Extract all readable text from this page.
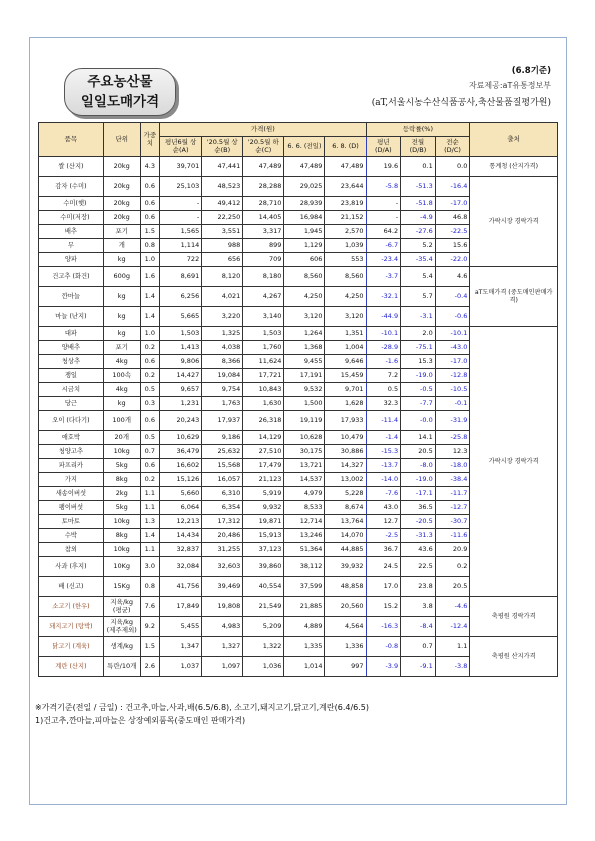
주요농산물
일일도매가격
(6.8기준)
자료제공:aT유통정보부
(aT,서울시농수산식품공사,축산물품질평가원)
품목	단위	가중치	가격(원)					등락률(%)			출처
			평년6월 상순(A)	'20.5월 상순(B)	'20.5월 하순(C)	6. 6. (전일)	6. 8. (D)	평년 (D/A)	전월 (D/B)	전순 (D/C)	
쌀 (산지)	20kg	4.3	39,701	47,441	47,489	47,489	47,489	19.6	0.1	0.0	통계청 (산지가격)
감자 (수미)	20kg	0.6	25,103	48,523	28,288	29,025	23,644	-5.8	-51.3	-16.4	가락시장 경락가격
수미(햇)	20kg	0.6	-	49,412	28,710	28,939	23,819	-	-51.8	-17.0	
수미(저장)	20kg	0.6	-	22,250	14,405	16,984	21,152	-	-4.9	46.8	
배추	포기	1.5	1,565	3,551	3,317	1,945	2,570	64.2	-27.6	-22.5	
무	개	0.8	1,114	988	899	1,129	1,039	-6.7	5.2	15.6	
양파	kg	1.0	722	656	709	606	553	-23.4	-35.4	-22.0	
건고추 (화건)	600g	1.6	8,691	8,120	8,180	8,560	8,560	-3.7	5.4	4.6	aT도매가격 (중도매인판매가격)
깐마늘	kg	1.4	6,256	4,021	4,267	4,250	4,250	-32.1	5.7	-0.4	
마늘 (난지)	kg	1.4	5,665	3,220	3,140	3,120	3,120	-44.9	-3.1	-0.6	
대파	kg	1.0	1,503	1,325	1,503	1,264	1,351	-10.1	2.0	-10.1	가락시장 경락가격
양배추	포기	0.2	1,413	4,038	1,760	1,368	1,004	-28.9	-75.1	-43.0	
청상추	4kg	0.6	9,806	8,366	11,624	9,455	9,646	-1.6	15.3	-17.0	
쟁일	100속	0.2	14,427	19,084	17,721	17,191	15,459	7.2	-19.0	-12.8	
시금치	4kg	0.5	9,657	9,754	10,843	9,532	9,701	0.5	-0.5	-10.5	
당근	kg	0.3	1,231	1,763	1,630	1,500	1,628	32.3	-7.7	-0.1	
오이 (다다기)	100개	0.6	20,243	17,937	26,318	19,119	17,933	-11.4	-0.0	-31.9	
애호박	20개	0.5	10,629	9,186	14,129	10,628	10,479	-1.4	14.1	-25.8	
청양고추	10kg	0.7	36,479	25,632	27,510	30,175	30,886	-15.3	20.5	12.3	
파프리카	5kg	0.6	16,602	15,568	17,479	13,721	14,327	-13.7	-8.0	-18.0	
가지	8kg	0.2	15,126	16,057	21,123	14,537	13,002	-14.0	-19.0	-38.4	
새송이버섯	2kg	1.1	5,660	6,310	5,919	4,979	5,228	-7.6	-17.1	-11.7	
팽이버섯	5kg	1.1	6,064	6,354	9,932	8,533	8,674	43.0	36.5	-12.7	
토마토	10kg	1.3	12,213	17,312	19,871	12,714	13,764	12.7	-20.5	-30.7	
수박	8kg	1.4	14,434	20,486	15,913	13,246	14,070	-2.5	-31.3	-11.6	
참외	10kg	1.1	32,837	31,255	37,123	51,364	44,885	36.7	43.6	20.9	
사과 (후지)	10Kg	3.0	32,084	32,603	39,860	38,112	39,932	24.5	22.5	0.2	
배 (신고)	15Kg	0.8	41,756	39,469	40,554	37,599	48,858	17.0	23.8	20.5	
소고기 (한우)	지육/kg (평균)	7.6	17,849	19,808	21,549	21,885	20,560	15.2	3.8	-4.6	축평원 경락가격
돼지고기 (탕박)	지육/kg (제주제외)	9.2	5,455	4,983	5,209	4,889	4,564	-16.3	-8.4	-12.4	
닭고기 (계육)	생계/kg	1.5	1,347	1,327	1,322	1,335	1,336	-0.8	0.7	1.1	축평원 산지가격
계란 (산지)	특란/10개	2.6	1,037	1,097	1,036	1,014	997	-3.9	-9.1	-3.8	
※가격기준(전일 / 금일) : 건고추,마늘,사과,배(6.5/6.8), 소고기,돼지고기,닭고기,계란(6.4/6.5)
1)건고추,깐마늘,피마늘은 상장예외품목(중도매인 판매가격)
